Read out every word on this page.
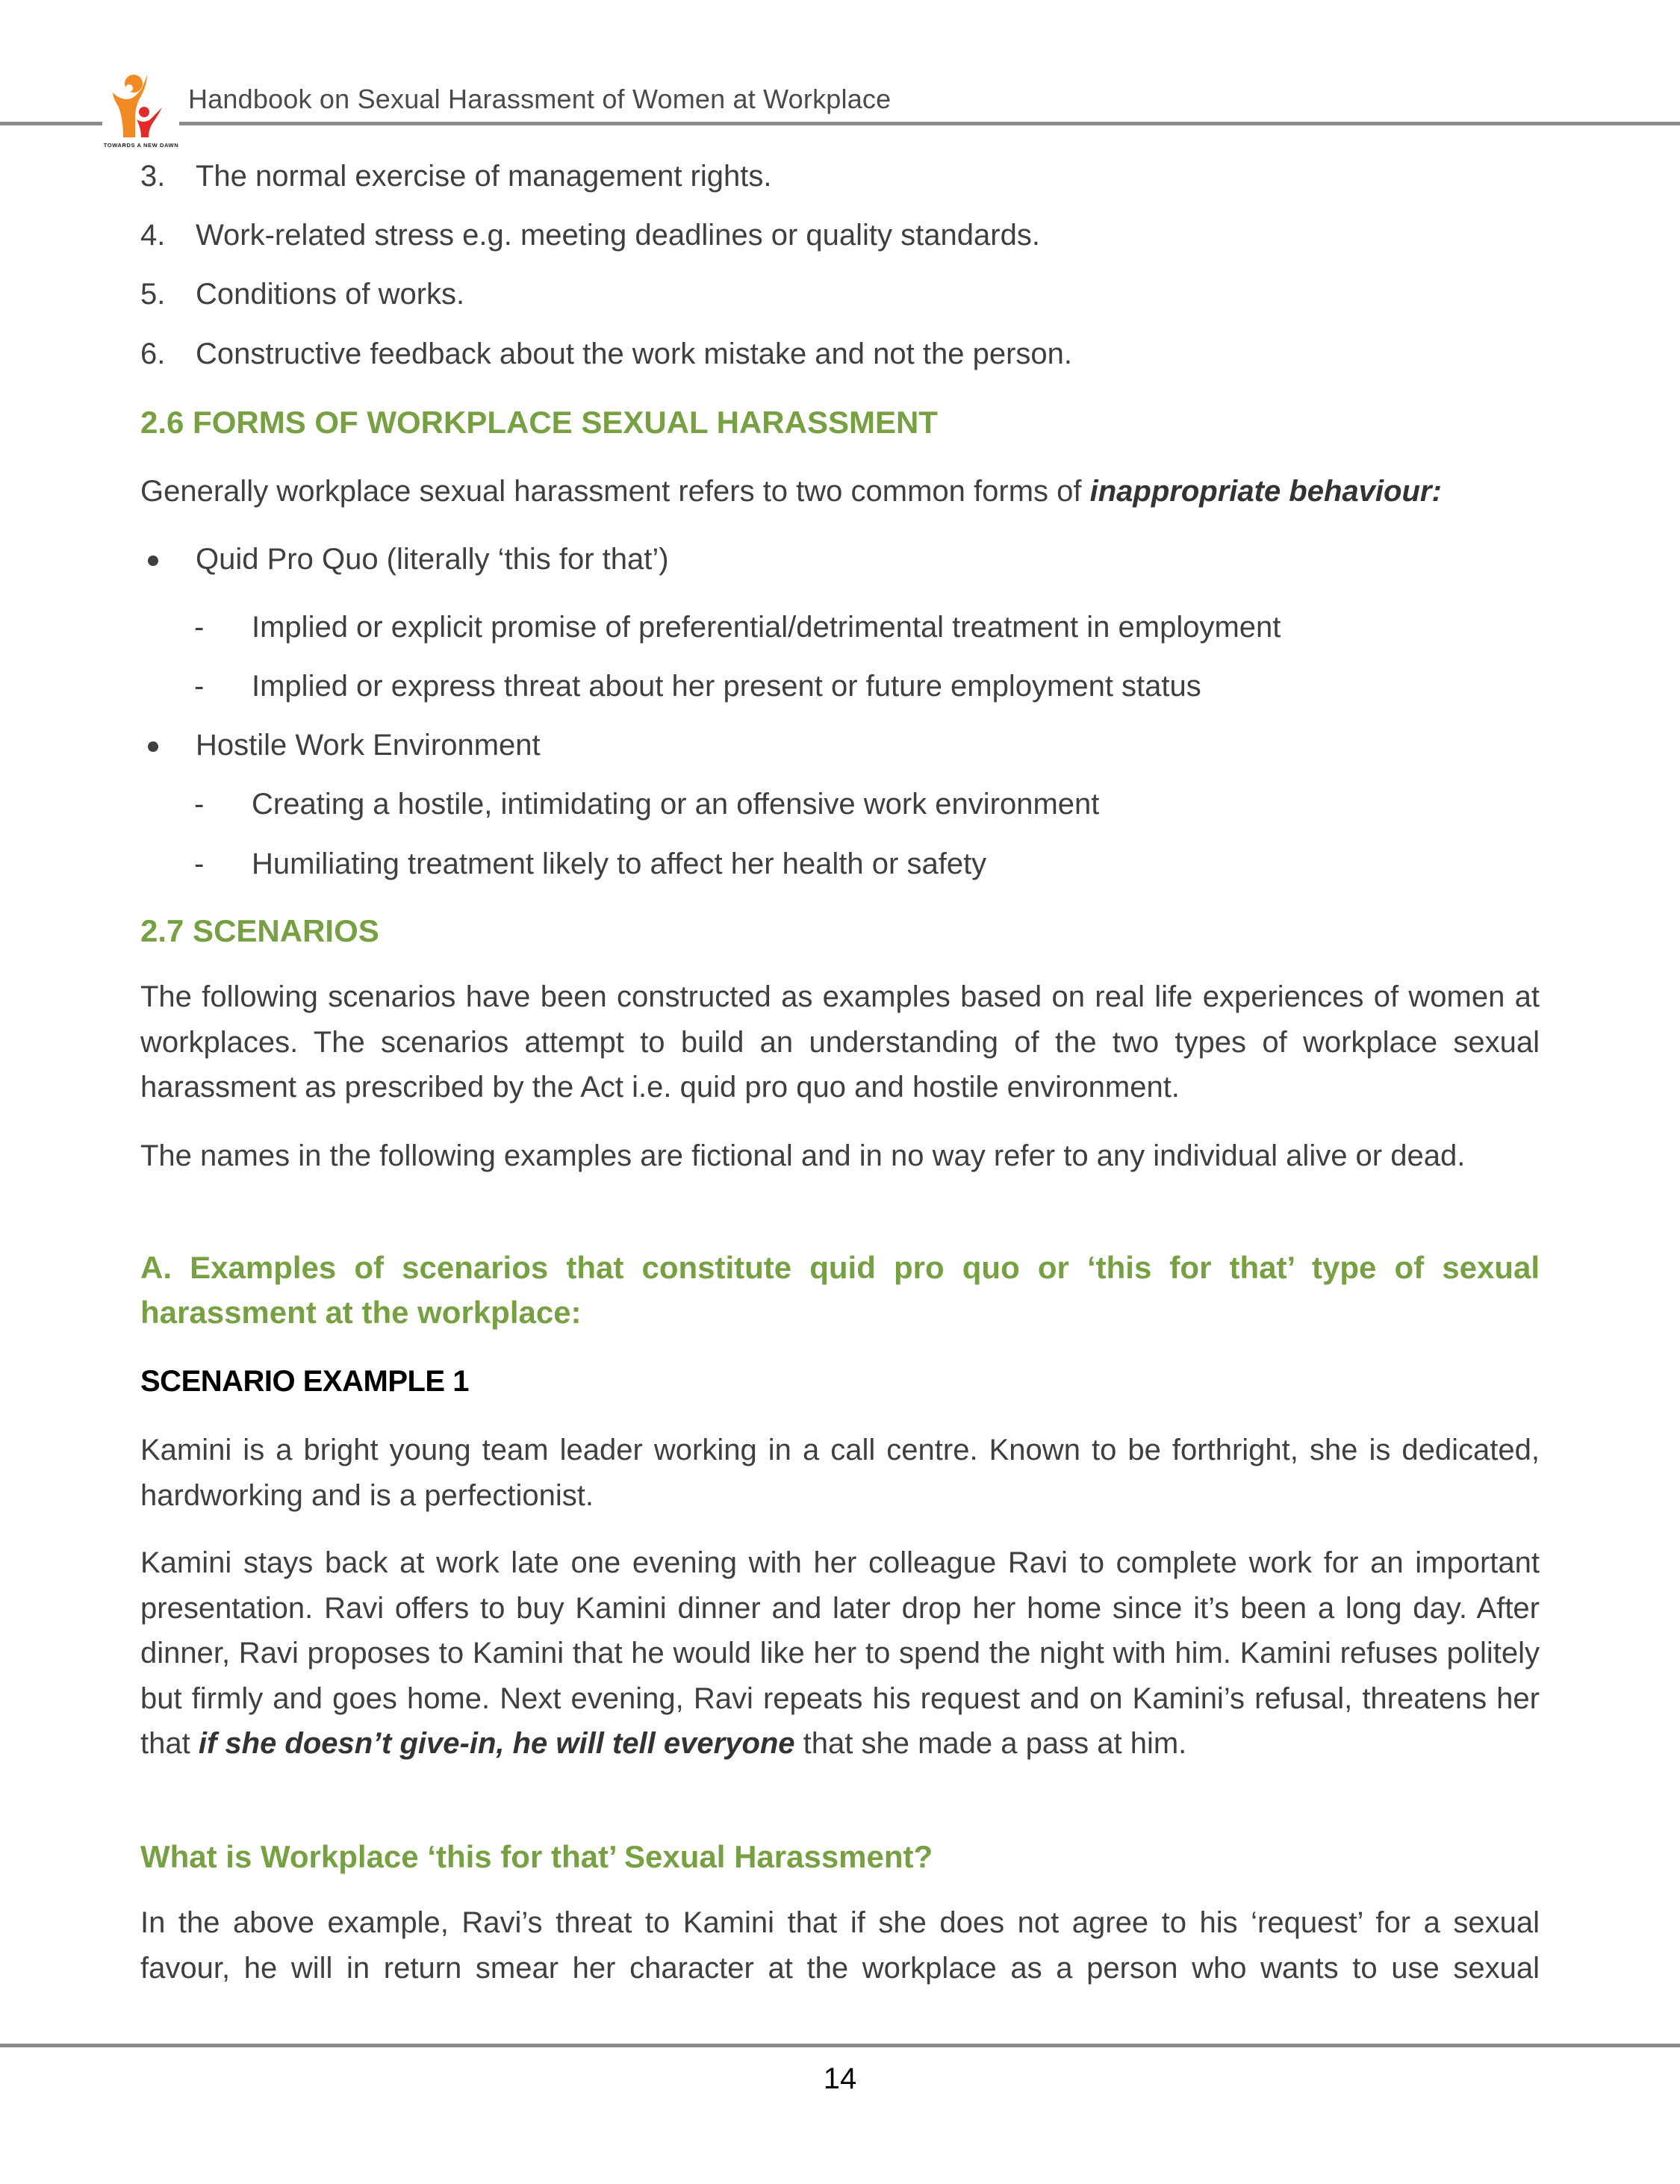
TOWARDS A NEW DAWN
Handbook on Sexual Harassment of Women at Workplace
3. The normal exercise of management rights.
4. Work-related stress e.g. meeting deadlines or quality standards.
5. Conditions of works.
6. Constructive feedback about the work mistake and not the person.
2.6 FORMS OF WORKPLACE SEXUAL HARASSMENT
Generally workplace sexual harassment refers to two common forms of inappropriate behaviour:
Quid Pro Quo (literally ‘this for that’)
- Implied or explicit promise of preferential/detrimental treatment in employment
- Implied or express threat about her present or future employment status
Hostile Work Environment
- Creating a hostile, intimidating or an offensive work environment
- Humiliating treatment likely to affect her health or safety
2.7 SCENARIOS
The following scenarios have been constructed as examples based on real life experiences of women at workplaces. The scenarios attempt to build an understanding of the two types of workplace sexual harassment as prescribed by the Act i.e. quid pro quo and hostile environment.
The names in the following examples are fictional and in no way refer to any individual alive or dead.
A. Examples of scenarios that constitute quid pro quo or ‘this for that’ type of sexual harassment at the workplace:
SCENARIO EXAMPLE 1
Kamini is a bright young team leader working in a call centre. Known to be forthright, she is dedicated, hardworking and is a perfectionist.
Kamini stays back at work late one evening with her colleague Ravi to complete work for an important presentation. Ravi offers to buy Kamini dinner and later drop her home since it’s been a long day. After dinner, Ravi proposes to Kamini that he would like her to spend the night with him. Kamini refuses politely but firmly and goes home. Next evening, Ravi repeats his request and on Kamini’s refusal, threatens her that if she doesn’t give-in, he will tell everyone that she made a pass at him.
What is Workplace ‘this for that’ Sexual Harassment?
In the above example, Ravi’s threat to Kamini that if she does not agree to his ‘request’ for a sexual favour, he will in return smear her character at the workplace as a person who wants to use sexual
14
